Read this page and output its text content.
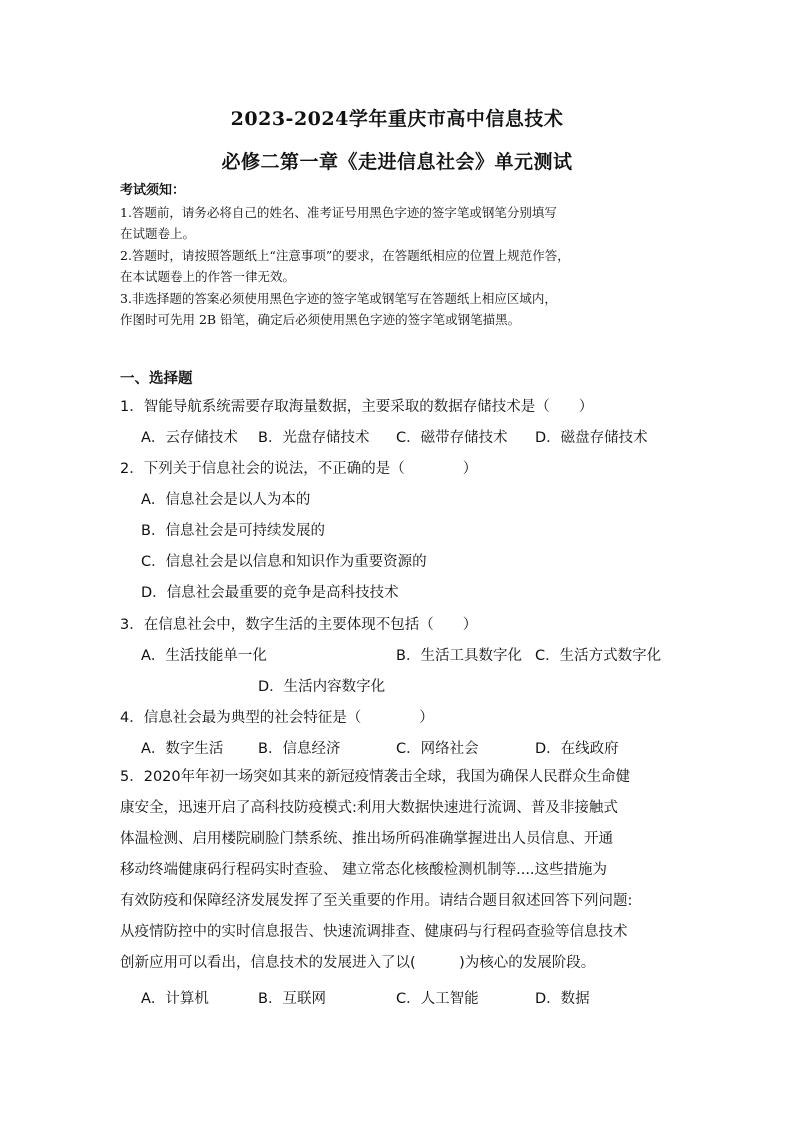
2023-2024学年重庆市高中信息技术
必修二第一章《走进信息社会》单元测试
考试须知：
1.答题前，请务必将自己的姓名、准考证号用黑色字迹的签字笔或钢笔分别填写
在试题卷上。
2.答题时，请按照答题纸上“注意事项”的要求，在答题纸相应的位置上规范作答，
在本试题卷上的作答一律无效。
3.非选择题的答案必须使用黑色字迹的签字笔或钢笔写在答题纸上相应区域内，
作图时可先用 2B 铅笔，确定后必须使用黑色字迹的签字笔或钢笔描黑。
一、选择题
1．智能导航系统需要存取海量数据，主要采取的数据存储技术是（　　）
A．云存储技术 B．光盘存储技术 C．磁带存储技术 D．磁盘存储技术
2．下列关于信息社会的说法，不正确的是（　　　　）
A．信息社会是以人为本的
B．信息社会是可持续发展的
C．信息社会是以信息和知识作为重要资源的
D．信息社会最重要的竞争是高科技技术
3．在信息社会中，数字生活的主要体现不包括（　　）
A．生活技能单一化	B．生活工具数字化 C．生活方式数字化
D．生活内容数字化
4．信息社会最为典型的社会特征是（　　　　）
A．数字生活 B．信息经济	C．网络社会	D．在线政府
5．2020年年初一场突如其来的新冠疫情袭击全球，我国为确保人民群众生命健
康安全，迅速开启了高科技防疫模式:利用大数据快速进行流调、普及非接触式
体温检测、启用楼院刷脸门禁系统、推出场所码准确掌握进出人员信息、开通
移动终端健康码行程码实时查验、 建立常态化核酸检测机制等....这些措施为
有效防疫和保障经济发展发挥了至关重要的作用。请结合题目叙述回答下列问题:
从疫情防控中的实时信息报告、快速流调排查、健康码与行程码查验等信息技术
创新应用可以看出，信息技术的发展进入了以(　　　)为核心的发展阶段。
A．计算机	B．互联网	C．人工智能	D．数据
